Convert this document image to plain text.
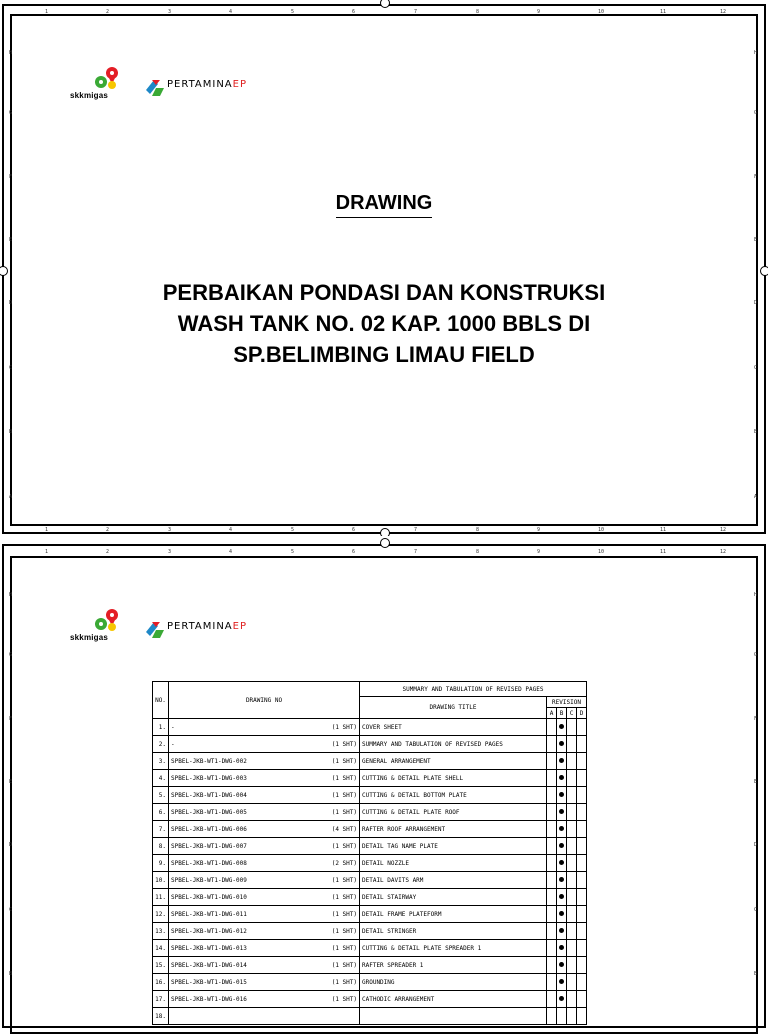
1	2	3	4	5	6	7	8	9	10	11	12
1	2	3	4	5	6	7	8	9	10	11	12
H
G
F
E
D
C
B
A
H
G
F
E
D
C
B
A
skkmigas
PERTAMINAEP
DRAWING
PERBAIKAN PONDASI DAN KONSTRUKSI
WASH TANK NO. 02 KAP. 1000 BBLS DI
SP.BELIMBING LIMAU FIELD
1	2	3	4	5	6	7	8	9	10	11	12
H
G
F
E
D
C
B
H
G
F
E
D
C
B
skkmigas
PERTAMINAEP
NO.	DRAWING NO	SUMMARY AND TABULATION OF REVISED PAGES				
		DRAWING TITLE	REVISION			
			A	B	C	D
1.	- (1 SHT)	COVER SHEET				
2.	- (1 SHT)	SUMMARY AND TABULATION OF REVISED PAGES				
3.	SPBEL-JKB-WT1-DWG-002 (1 SHT)	GENERAL ARRANGEMENT				
4.	SPBEL-JKB-WT1-DWG-003 (1 SHT)	CUTTING & DETAIL PLATE SHELL				
5.	SPBEL-JKB-WT1-DWG-004 (1 SHT)	CUTTING & DETAIL BOTTOM PLATE				
6.	SPBEL-JKB-WT1-DWG-005 (1 SHT)	CUTTING & DETAIL PLATE ROOF				
7.	SPBEL-JKB-WT1-DWG-006 (4 SHT)	RAFTER ROOF ARRANGEMENT				
8.	SPBEL-JKB-WT1-DWG-007 (1 SHT)	DETAIL TAG NAME PLATE				
9.	SPBEL-JKB-WT1-DWG-008 (2 SHT)	DETAIL NOZZLE				
10.	SPBEL-JKB-WT1-DWG-009 (1 SHT)	DETAIL DAVITS ARM				
11.	SPBEL-JKB-WT1-DWG-010 (1 SHT)	DETAIL STAIRWAY				
12.	SPBEL-JKB-WT1-DWG-011 (1 SHT)	DETAIL FRAME PLATEFORM				
13.	SPBEL-JKB-WT1-DWG-012 (1 SHT)	DETAIL STRINGER				
14.	SPBEL-JKB-WT1-DWG-013 (1 SHT)	CUTTING & DETAIL PLATE SPREADER 1				
15.	SPBEL-JKB-WT1-DWG-014 (1 SHT)	RAFTER SPREADER 1				
16.	SPBEL-JKB-WT1-DWG-015 (1 SHT)	GROUNDING				
17.	SPBEL-JKB-WT1-DWG-016 (1 SHT)	CATHODIC ARRANGEMENT				
18.	
